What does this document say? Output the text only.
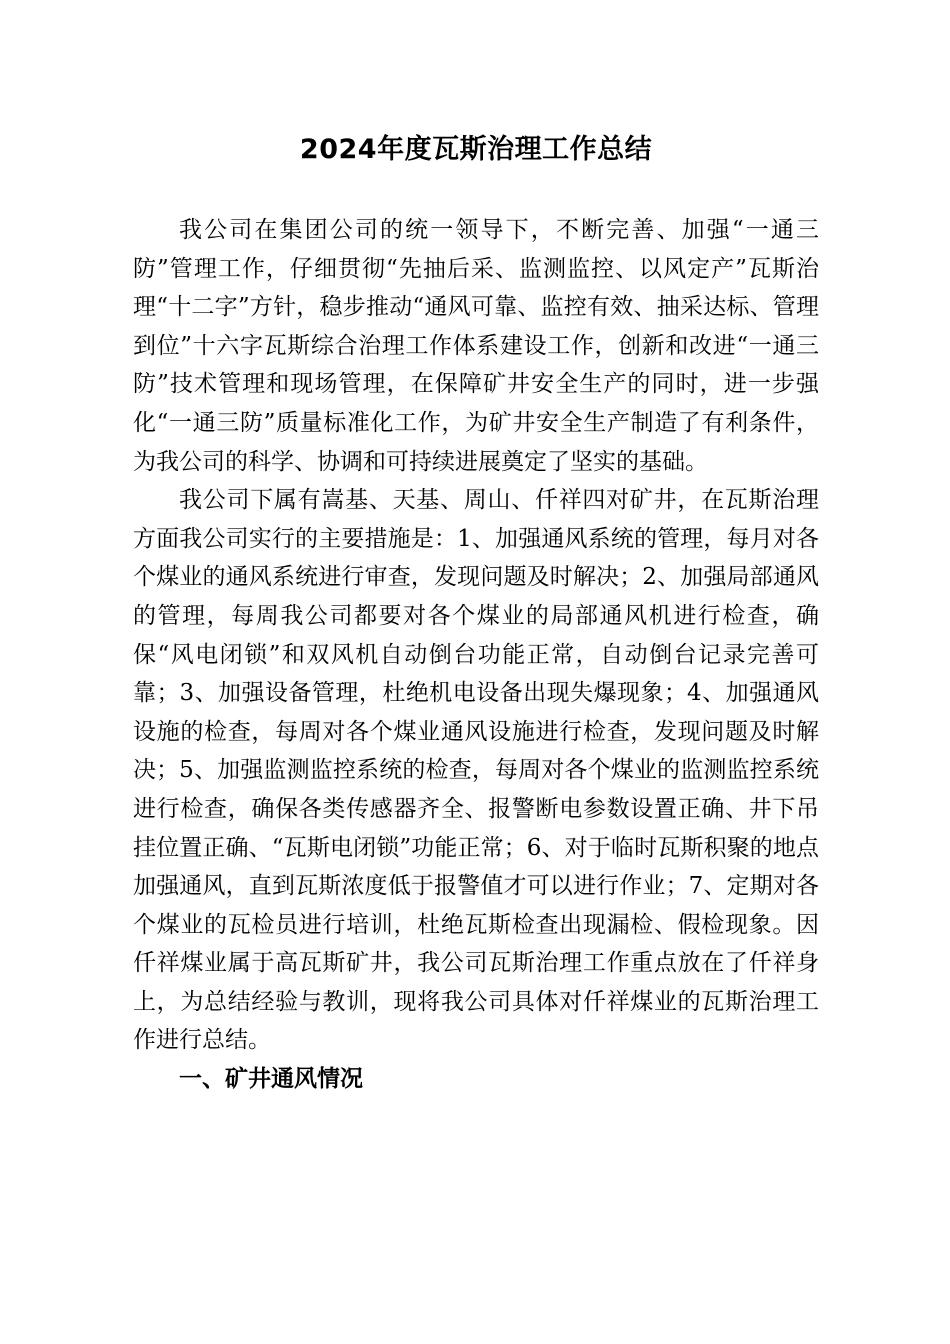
2024年度瓦斯治理工作总结

我公司在集团公司的统一领导下，不断完善、加强“一通三防”管理工作，仔细贯彻“先抽后采、监测监控、以风定产”瓦斯治理“十二字”方针，稳步推动“通风可靠、监控有效、抽采达标、管理到位”十六字瓦斯综合治理工作体系建设工作，创新和改进“一通三防”技术管理和现场管理，在保障矿井安全生产的同时，进一步强化“一通三防”质量标准化工作，为矿井安全生产制造了有利条件，为我公司的科学、协调和可持续进展奠定了坚实的基础。

我公司下属有嵩基、天基、周山、仟祥四对矿井，在瓦斯治理方面我公司实行的主要措施是：1、加强通风系统的管理，每月对各个煤业的通风系统进行审查，发现问题及时解决；2、加强局部通风的管理，每周我公司都要对各个煤业的局部通风机进行检查，确保“风电闭锁”和双风机自动倒台功能正常，自动倒台记录完善可靠；3、加强设备管理，杜绝机电设备出现失爆现象；4、加强通风设施的检查，每周对各个煤业通风设施进行检查，发现问题及时解决；5、加强监测监控系统的检查，每周对各个煤业的监测监控系统进行检查，确保各类传感器齐全、报警断电参数设置正确、井下吊挂位置正确、“瓦斯电闭锁”功能正常；6、对于临时瓦斯积聚的地点加强通风，直到瓦斯浓度低于报警值才可以进行作业；7、定期对各个煤业的瓦检员进行培训，杜绝瓦斯检查出现漏检、假检现象。因仟祥煤业属于高瓦斯矿井，我公司瓦斯治理工作重点放在了仟祥身上，为总结经验与教训，现将我公司具体对仟祥煤业的瓦斯治理工作进行总结。

一、矿井通风情况
